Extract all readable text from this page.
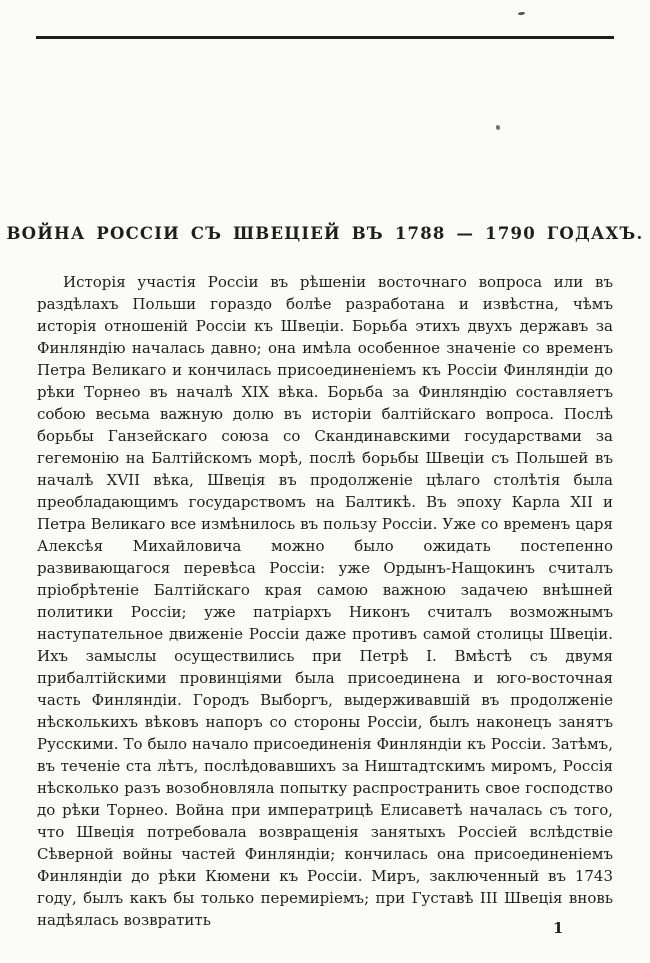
ВОЙНА РОССІИ СЪ ШВЕЦІЕЙ ВЪ 1788 — 1790 ГОДАХЪ.

Исторія участія Россіи въ рѣшеніи восточнаго вопроса или въ раздѣлахъ Польши гораздо болѣе разработана и извѣстна, чѣмъ исторія отношеній Россіи къ Швеціи. Борьба этихъ двухъ державъ за Финляндію началась давно; она имѣла особенное значеніе со временъ Петра Великаго и кончилась присоединеніемъ къ Россіи Финляндіи до рѣки Торнео въ началѣ XIX вѣка. Борьба за Финляндію составляетъ собою весьма важную долю въ исторіи балтійскаго вопроса. Послѣ борьбы Ганзейскаго союза со Скандинавскими государствами за гегемонію на Балтійскомъ морѣ, послѣ борьбы Швеціи съ Польшей въ началѣ XVII вѣка, Швеція въ продолженіе цѣлаго столѣтія была преобладающимъ государствомъ на Балтикѣ. Въ эпоху Карла XII и Петра Великаго все измѣнилось въ пользу Россіи. Уже со временъ царя Алексѣя Михайловича можно было ожидать постепенно развивающагося перевѣса Россіи: уже Ордынъ-Нащокинъ считалъ пріобрѣтеніе Балтійскаго края самою важною задачею внѣшней политики Россіи; уже патріархъ Никонъ считалъ возможнымъ наступательное движеніе Россіи даже противъ самой столицы Швеціи. Ихъ замыслы осуществились при Петрѣ I. Вмѣстѣ съ двумя прибалтійскими провинціями была присоединена и юго-восточная часть Финляндіи. Городъ Выборгъ, выдерживавшій въ продолженіе нѣсколькихъ вѣковъ напоръ со стороны Россіи, былъ наконецъ занятъ Русскими. То было начало присоединенія Финляндіи къ Россіи. Затѣмъ, въ теченіе ста лѣтъ, послѣдовавшихъ за Ништадтскимъ миромъ, Россія нѣсколько разъ возобновляла попытку распространить свое господство до рѣки Торнео. Война при императрицѣ Елисаветѣ началась съ того, что Швеція потребовала возвращенія занятыхъ Россіей вслѣдствіе Сѣверной войны частей Финляндіи; кончилась она присоединеніемъ Финляндіи до рѣки Кюмени къ Россіи. Миръ, заключенный въ 1743 году, былъ какъ бы только перемиріемъ; при Густавѣ III Швеція вновь надѣялась возвратить	1
